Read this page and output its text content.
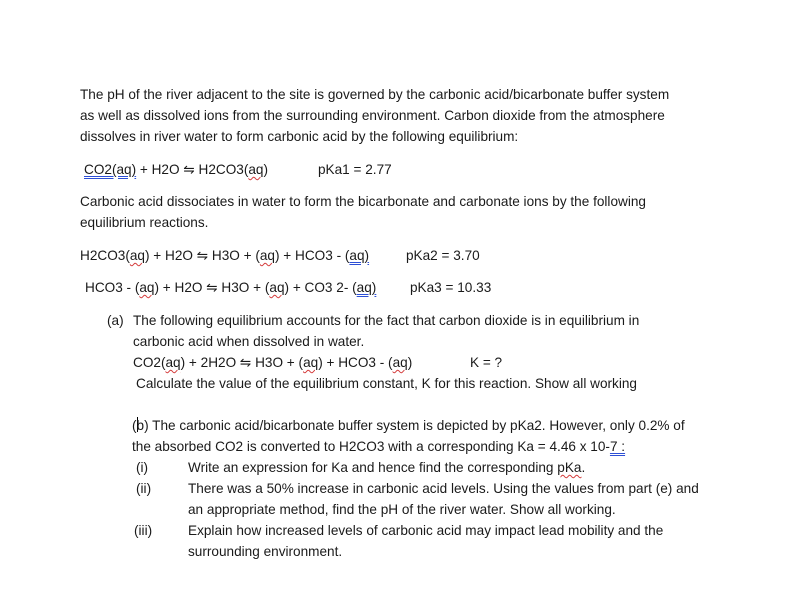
The pH of the river adjacent to the site is governed by the carbonic acid/bicarbonate buffer system
as well as dissolved ions from the surrounding environment. Carbon dioxide from the atmosphere
dissolves in river water to form carbonic acid by the following equilibrium:
CO2(aq) + H2O ⇋ H2CO3(aq)	pKa1 = 2.77
Carbonic acid dissociates in water to form the bicarbonate and carbonate ions by the following
equilibrium reactions.
H2CO3(aq) + H2O ⇋ H3O + (aq) + HCO3 - (aq)	pKa2 = 3.70
HCO3 - (aq) + H2O ⇋ H3O + (aq) + CO3 2- (aq) pKa3 = 10.33
(a) The following equilibrium accounts for the fact that carbon dioxide is in equilibrium in
carbonic acid when dissolved in water.
CO2(aq) + 2H2O ⇋ H3O + (aq) + HCO3 - (aq)	K = ?
Calculate the value of the equilibrium constant, K for this reaction. Show all working
(b) The carbonic acid/bicarbonate buffer system is depicted by pKa2. However, only 0.2% of
the absorbed CO2 is converted to H2CO3 with a corresponding Ka = 4.46 x 10-7 :
(i)	Write an expression for Ka and hence find the corresponding pKa.
(ii)	There was a 50% increase in carbonic acid levels. Using the values from part (e) and
an appropriate method, find the pH of the river water. Show all working.
(iii)	Explain how increased levels of carbonic acid may impact lead mobility and the
surrounding environment.
